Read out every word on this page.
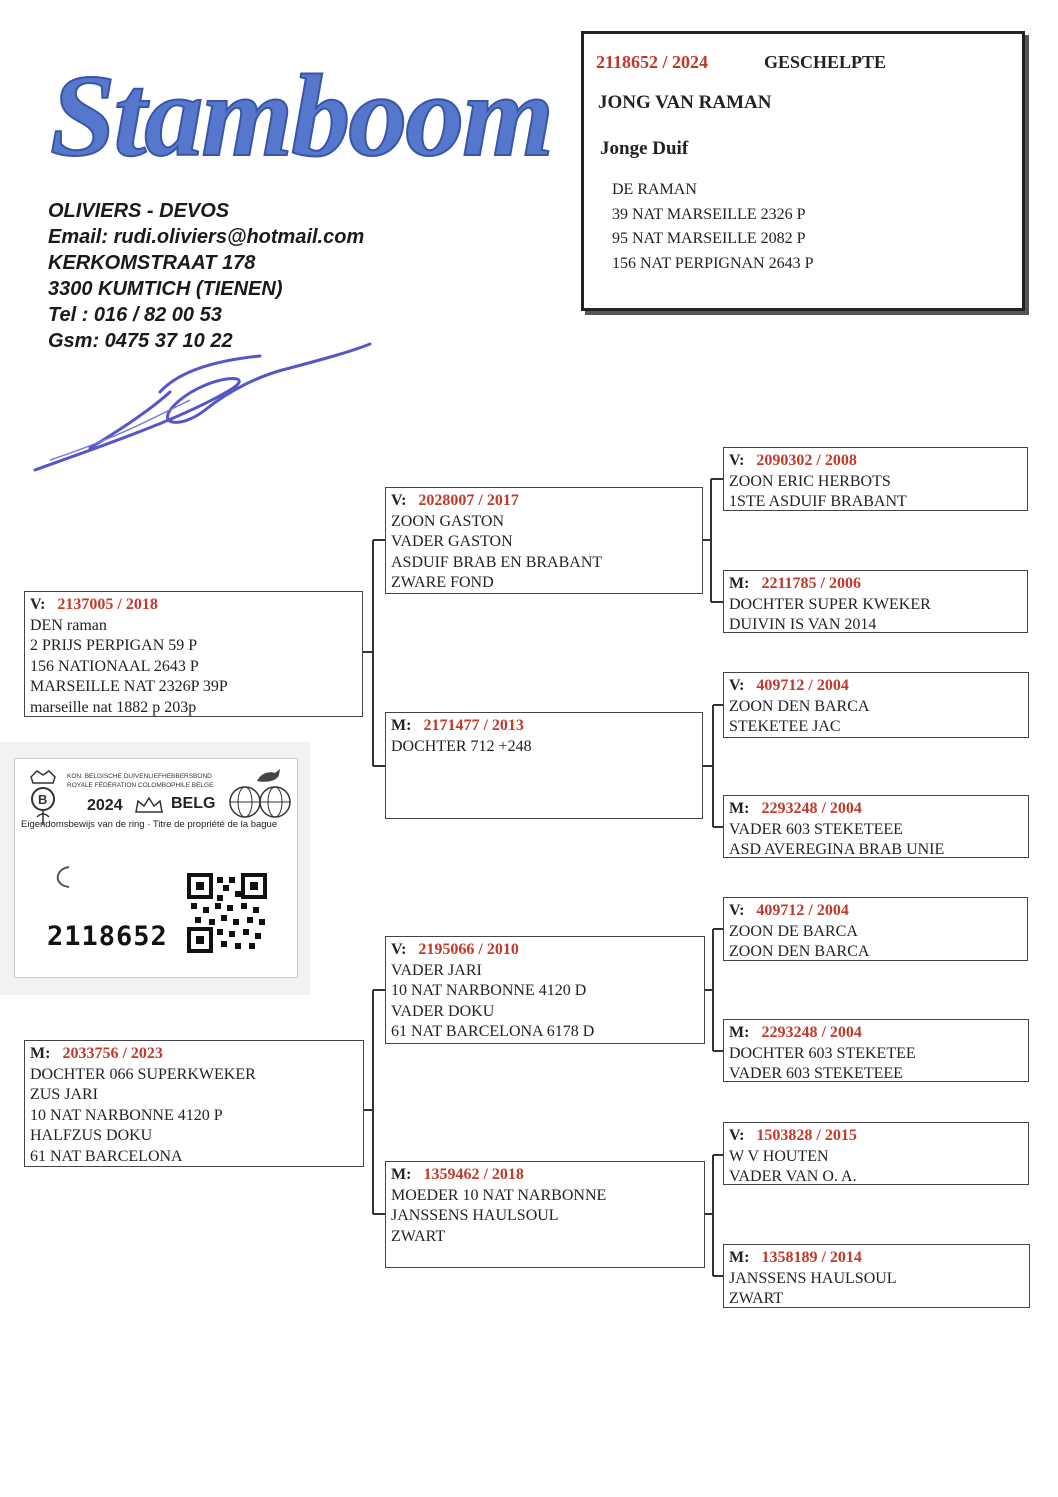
Stamboom
OLIVIERS - DEVOS
Email: rudi.oliviers@hotmail.com
KERKOMSTRAAT 178
3300 KUMTICH (TIENEN)
Tel : 016 / 82 00 53
Gsm: 0475 37 10 22
2118652 / 2024	GESCHELPTE
JONG VAN RAMAN
Jonge Duif
DE RAMAN
39 NAT MARSEILLE 2326 P
95 NAT MARSEILLE 2082 P
156 NAT PERPIGNAN 2643 P
V: 2137005 / 2018
DEN raman
2 PRIJS PERPIGAN 59 P
156 NATIONAAL 2643 P
MARSEILLE NAT 2326P 39P
marseille nat 1882 p 203p
M: 2033756 / 2023
DOCHTER 066 SUPERKWEKER
ZUS JARI
10 NAT NARBONNE 4120 P
HALFZUS DOKU
61 NAT BARCELONA
V: 2028007 / 2017
ZOON GASTON
VADER GASTON
ASDUIF BRAB EN BRABANT
ZWARE FOND
M: 2171477 / 2013
DOCHTER 712 +248
V: 2195066 / 2010
VADER JARI
10 NAT NARBONNE 4120 D
VADER DOKU
61 NAT BARCELONA 6178 D
M: 1359462 / 2018
MOEDER 10 NAT NARBONNE
JANSSENS HAULSOUL
ZWART
V: 2090302 / 2008
ZOON ERIC HERBOTS
1STE ASDUIF BRABANT
M: 2211785 / 2006
DOCHTER SUPER KWEKER
DUIVIN IS VAN 2014
V: 409712 / 2004
ZOON DEN BARCA
STEKETEE JAC
M: 2293248 / 2004
VADER 603 STEKETEEE
ASD AVEREGINA BRAB UNIE
V: 409712 / 2004
ZOON DE BARCA
ZOON DEN BARCA
M: 2293248 / 2004
DOCHTER 603 STEKETEE
VADER 603 STEKETEEE
V: 1503828 / 2015
W V HOUTEN
VADER VAN O. A.
M: 1358189 / 2014
JANSSENS HAULSOUL
ZWART
B
KON. BELGISCHE DUIVENLIEFHEBBERSBOND
ROYALE FÉDÉRATION COLOMBOPHILE BELGE
2024	BELG
Eigendomsbewijs van de ring · Titre de propriété de la bague
2118652
